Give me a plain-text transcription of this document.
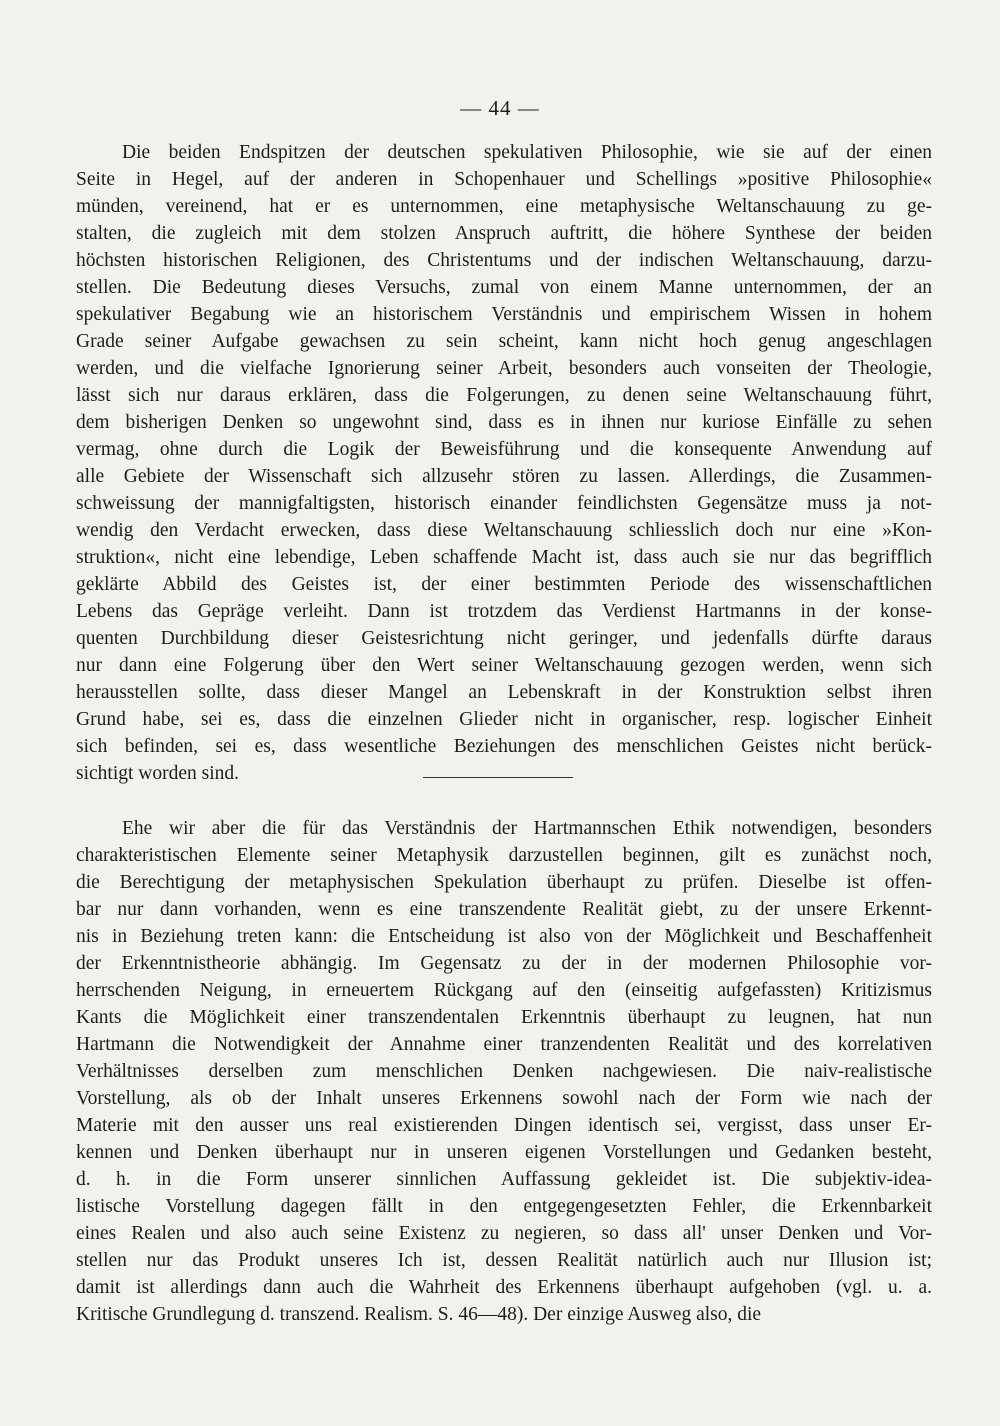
— 44 —
Die beiden Endspitzen der deutschen spekulativen Philosophie, wie sie auf der einen
Seite in Hegel, auf der anderen in Schopenhauer und Schellings »positive Philosophie«
münden, vereinend, hat er es unternommen, eine metaphysische Weltanschauung zu ge-
stalten, die zugleich mit dem stolzen Anspruch auftritt, die höhere Synthese der beiden
höchsten historischen Religionen, des Christentums und der indischen Weltanschauung, darzu-
stellen. Die Bedeutung dieses Versuchs, zumal von einem Manne unternommen, der an
spekulativer Begabung wie an historischem Verständnis und empirischem Wissen in hohem
Grade seiner Aufgabe gewachsen zu sein scheint, kann nicht hoch genug angeschlagen
werden, und die vielfache Ignorierung seiner Arbeit, besonders auch vonseiten der Theologie,
lässt sich nur daraus erklären, dass die Folgerungen, zu denen seine Weltanschauung führt,
dem bisherigen Denken so ungewohnt sind, dass es in ihnen nur kuriose Einfälle zu sehen
vermag, ohne durch die Logik der Beweisführung und die konsequente Anwendung auf
alle Gebiete der Wissenschaft sich allzusehr stören zu lassen. Allerdings, die Zusammen-
schweissung der mannigfaltigsten, historisch einander feindlichsten Gegensätze muss ja not-
wendig den Verdacht erwecken, dass diese Weltanschauung schliesslich doch nur eine »Kon-
struktion«, nicht eine lebendige, Leben schaffende Macht ist, dass auch sie nur das begrifflich
geklärte Abbild des Geistes ist, der einer bestimmten Periode des wissenschaftlichen
Lebens das Gepräge verleiht. Dann ist trotzdem das Verdienst Hartmanns in der konse-
quenten Durchbildung dieser Geistesrichtung nicht geringer, und jedenfalls dürfte daraus
nur dann eine Folgerung über den Wert seiner Weltanschauung gezogen werden, wenn sich
herausstellen sollte, dass dieser Mangel an Lebenskraft in der Konstruktion selbst ihren
Grund habe, sei es, dass die einzelnen Glieder nicht in organischer, resp. logischer Einheit
sich befinden, sei es, dass wesentliche Beziehungen des menschlichen Geistes nicht berück-
sichtigt worden sind.
Ehe wir aber die für das Verständnis der Hartmannschen Ethik notwendigen, besonders
charakteristischen Elemente seiner Metaphysik darzustellen beginnen, gilt es zunächst noch,
die Berechtigung der metaphysischen Spekulation überhaupt zu prüfen. Dieselbe ist offen-
bar nur dann vorhanden, wenn es eine transzendente Realität giebt, zu der unsere Erkennt-
nis in Beziehung treten kann: die Entscheidung ist also von der Möglichkeit und Beschaffenheit
der Erkenntnistheorie abhängig. Im Gegensatz zu der in der modernen Philosophie vor-
herrschenden Neigung, in erneuertem Rückgang auf den (einseitig aufgefassten) Kritizismus
Kants die Möglichkeit einer transzendentalen Erkenntnis überhaupt zu leugnen, hat nun
Hartmann die Notwendigkeit der Annahme einer tranzendenten Realität und des korrelativen
Verhältnisses derselben zum menschlichen Denken nachgewiesen. Die naiv-realistische
Vorstellung, als ob der Inhalt unseres Erkennens sowohl nach der Form wie nach der
Materie mit den ausser uns real existierenden Dingen identisch sei, vergisst, dass unser Er-
kennen und Denken überhaupt nur in unseren eigenen Vorstellungen und Gedanken besteht,
d. h. in die Form unserer sinnlichen Auffassung gekleidet ist. Die subjektiv-idea-
listische Vorstellung dagegen fällt in den entgegengesetzten Fehler, die Erkennbarkeit
eines Realen und also auch seine Existenz zu negieren, so dass all' unser Denken und Vor-
stellen nur das Produkt unseres Ich ist, dessen Realität natürlich auch nur Illusion ist;
damit ist allerdings dann auch die Wahrheit des Erkennens überhaupt aufgehoben (vgl. u. a.
Kritische Grundlegung d. transzend. Realism. S. 46—48). Der einzige Ausweg also, die
